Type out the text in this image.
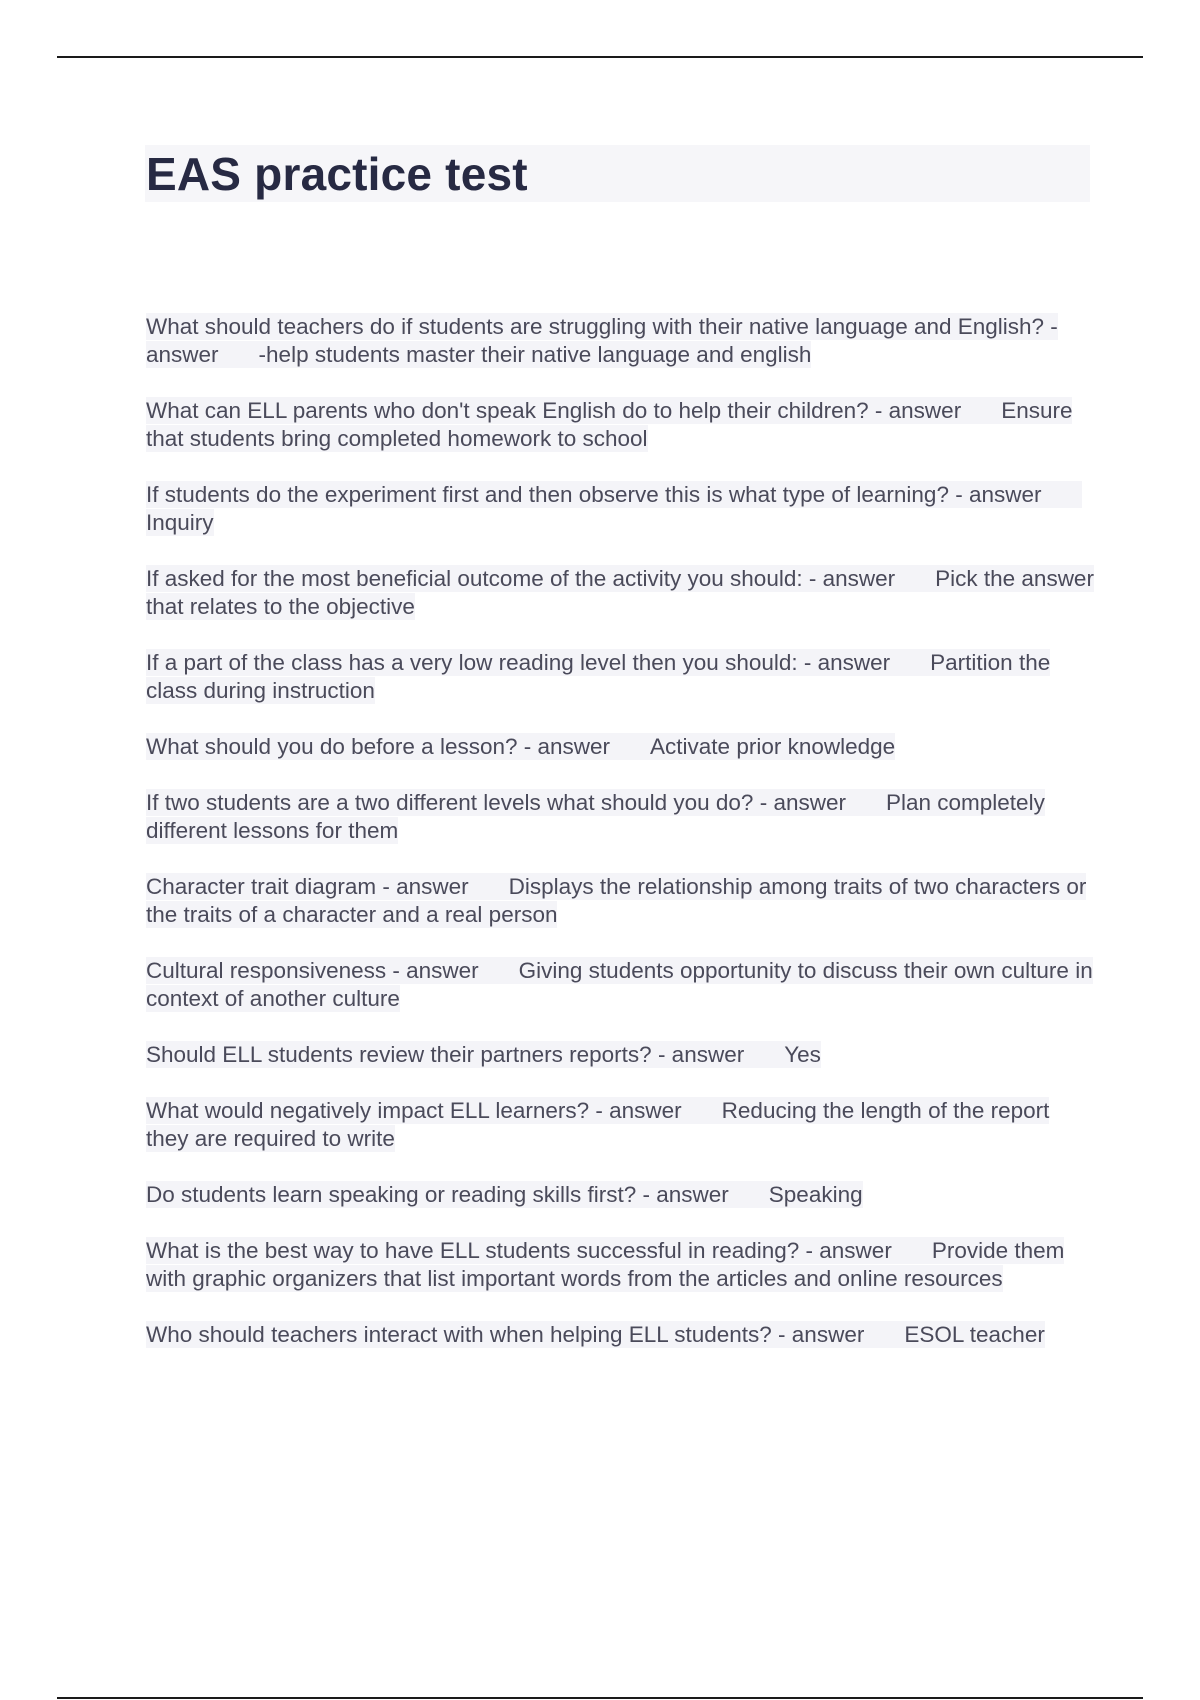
EAS practice test
What should teachers do if students are struggling with their native language and English? - answer -help students master their native language and english
What can ELL parents who don't speak English do to help their children? - answer Ensure that students bring completed homework to school
If students do the experiment first and then observe this is what type of learning? - answerInquiry
If asked for the most beneficial outcome of the activity you should: - answer Pick the answer that relates to the objective
If a part of the class has a very low reading level then you should: - answer Partition the class during instruction
What should you do before a lesson? - answer Activate prior knowledge
If two students are a two different levels what should you do? - answer Plan completely different lessons for them
Character trait diagram - answer Displays the relationship among traits of two characters or the traits of a character and a real person
Cultural responsiveness - answer Giving students opportunity to discuss their own culture in context of another culture
Should ELL students review their partners reports? - answer Yes
What would negatively impact ELL learners? - answer Reducing the length of the report they are required to write
Do students learn speaking or reading skills first? - answer Speaking
What is the best way to have ELL students successful in reading? - answer Provide them with graphic organizers that list important words from the articles and online resources
Who should teachers interact with when helping ELL students? - answer ESOL teacher
